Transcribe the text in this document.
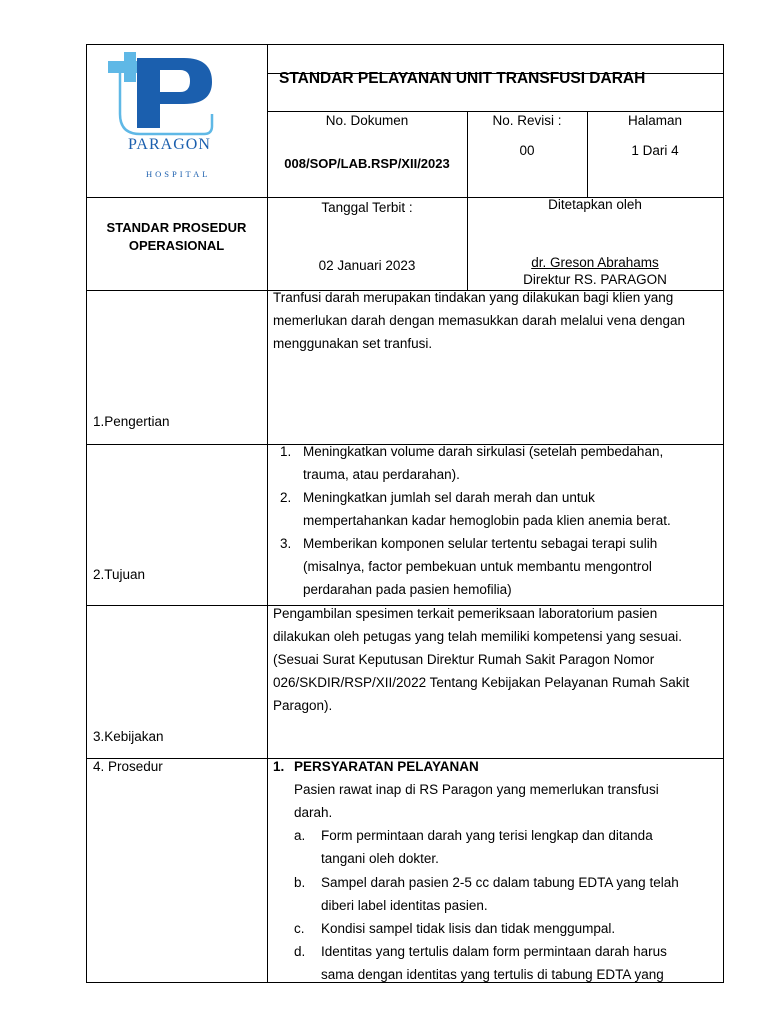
PARAGON
HOSPITAL
STANDAR PELAYANAN UNIT TRANSFUSI DARAH
No. Dokumen
008/SOP/LAB.RSP/XII/2023
No. Revisi :
00
Halaman
1 Dari 4
STANDAR PROSEDUR
OPERASIONAL
Tanggal Terbit :
02 Januari 2023
Ditetapkan oleh
dr. Greson Abrahams
Direktur RS. PARAGON
1.Pengertian
Tranfusi darah merupakan tindakan yang dilakukan bagi klien yang
memerlukan darah dengan memasukkan darah melalui vena dengan
menggunakan set tranfusi.
2.Tujuan
1. Meningkatkan volume darah sirkulasi (setelah pembedahan,
trauma, atau perdarahan).
2. Meningkatkan jumlah sel darah merah dan untuk
mempertahankan kadar hemoglobin pada klien anemia berat.
3. Memberikan komponen selular tertentu sebagai terapi sulih
(misalnya, factor pembekuan untuk membantu mengontrol
perdarahan pada pasien hemofilia)
3.Kebijakan
Pengambilan spesimen terkait pemeriksaan laboratorium pasien
dilakukan oleh petugas yang telah memiliki kompetensi yang sesuai.
(Sesuai Surat Keputusan Direktur Rumah Sakit Paragon Nomor
026/SKDIR/RSP/XII/2022 Tentang Kebijakan Pelayanan Rumah Sakit
Paragon).
4. Prosedur	1. PERSYARATAN PELAYANAN
Pasien rawat inap di RS Paragon yang memerlukan transfusi
darah.
a. Form permintaan darah yang terisi lengkap dan ditanda
tangani oleh dokter.
b. Sampel darah pasien 2-5 cc dalam tabung EDTA yang telah
diberi label identitas pasien.
c. Kondisi sampel tidak lisis dan tidak menggumpal.
d. Identitas yang tertulis dalam form permintaan darah harus
sama dengan identitas yang tertulis di tabung EDTA yang
